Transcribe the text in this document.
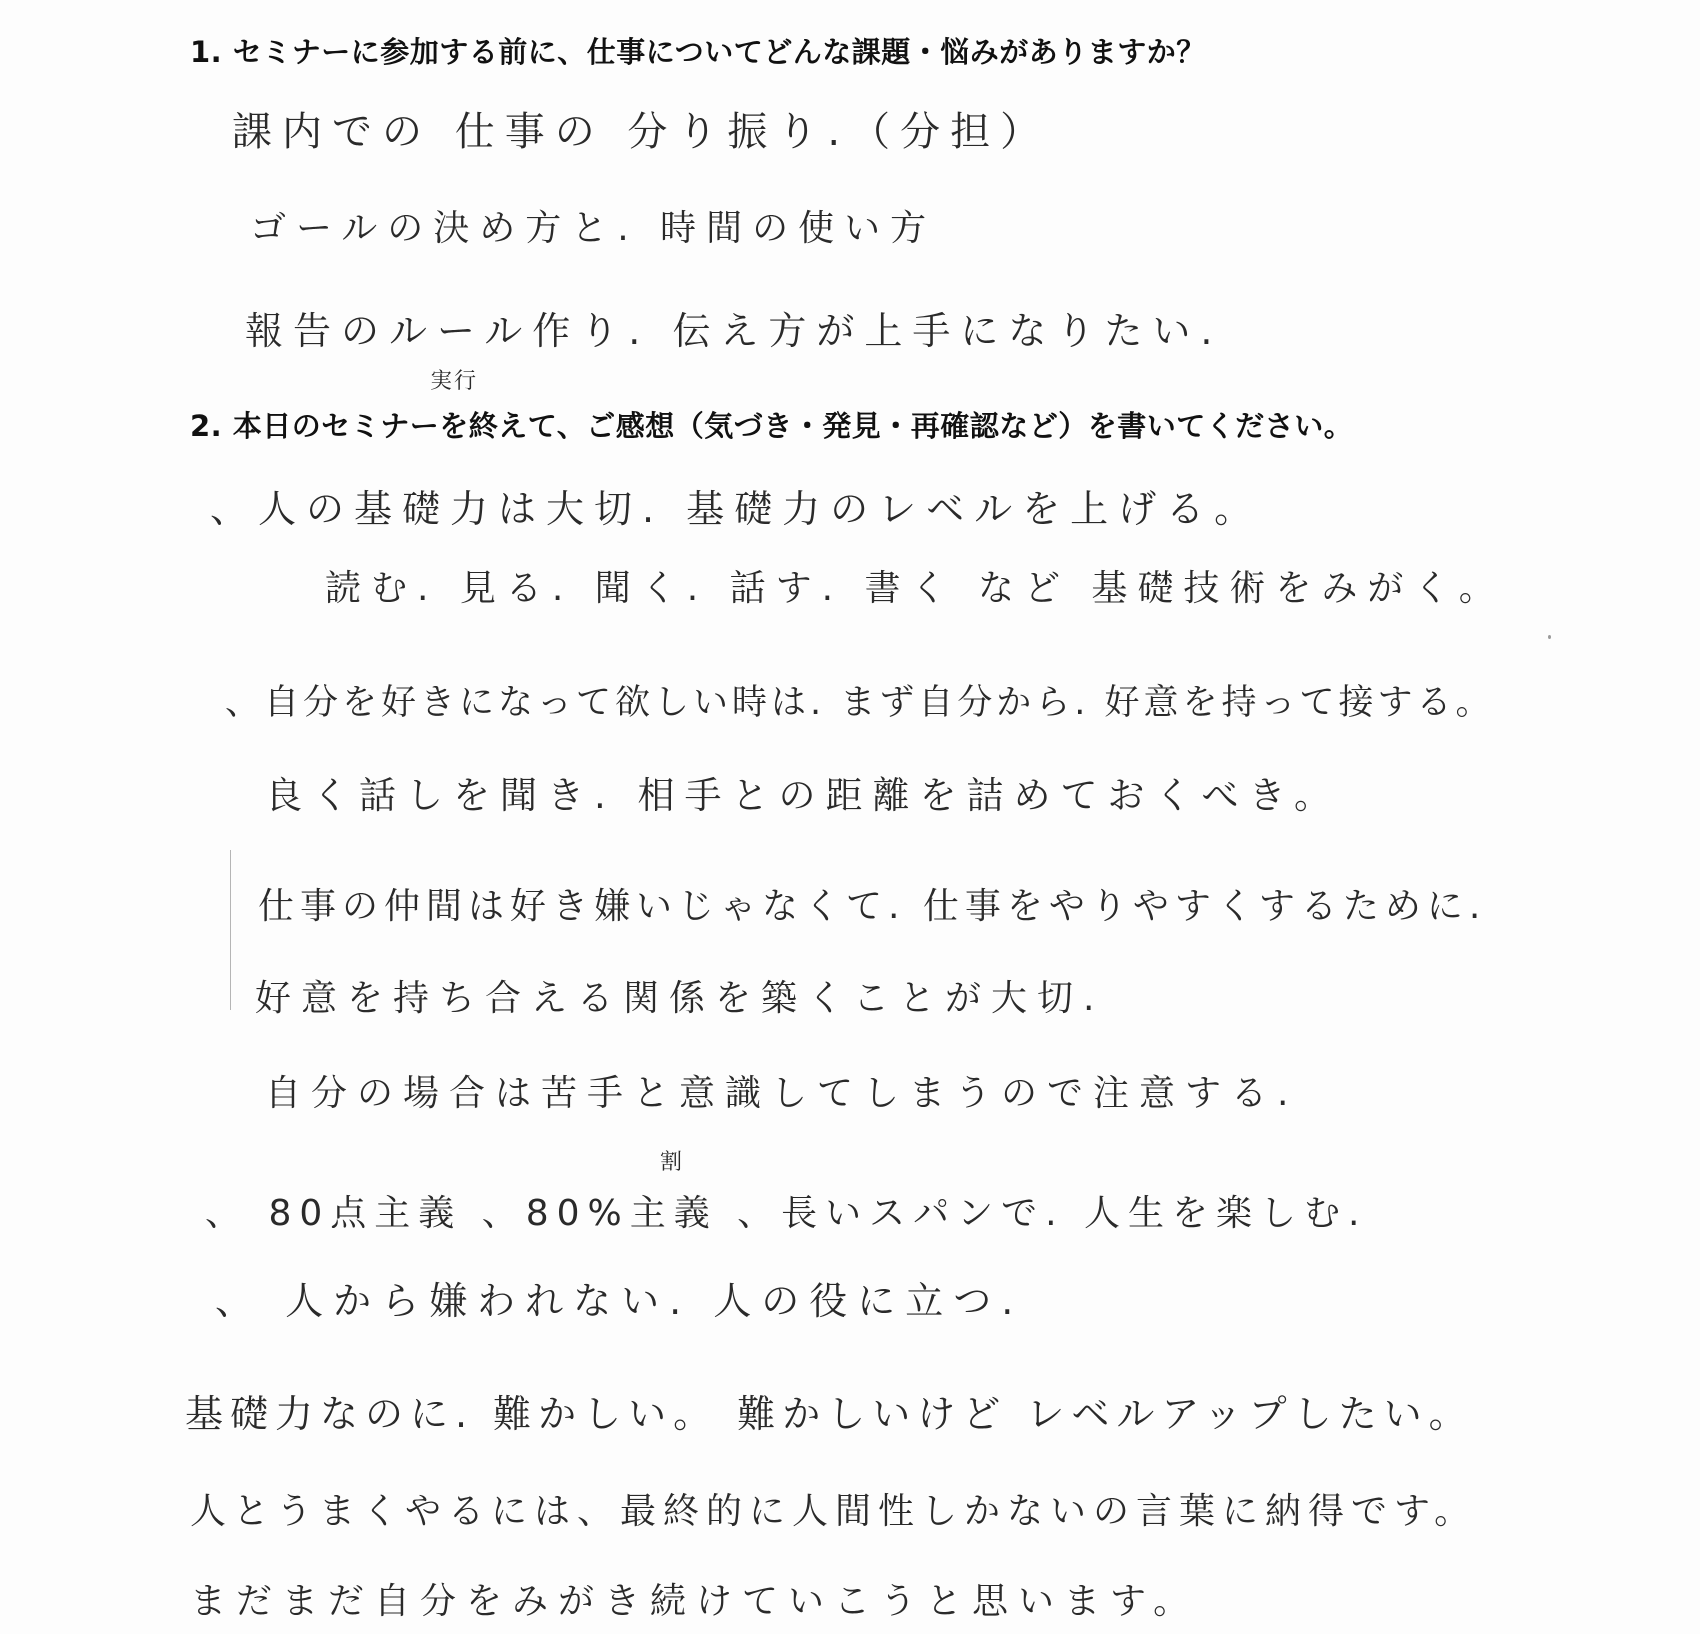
1. セミナーに参加する前に、仕事についてどんな課題・悩みがありますか？
課内での 仕事の 分り振り.（分担）
ゴールの決め方と. 時間の使い方
報告のルール作り. 伝え方が上手になりたい.
実行
2. 本日のセミナーを終えて、ご感想（気づき・発見・再確認など）を書いてください。
、人の基礎力は大切. 基礎力のレベルを上げる。
読む. 見る. 聞く. 話す. 書く など 基礎技術をみがく。
、自分を好きになって欲しい時は. まず自分から. 好意を持って接する。
良く話しを聞き. 相手との距離を詰めておくべき。
仕事の仲間は好き嫌いじゃなくて. 仕事をやりやすくするために.
好意を持ち合える関係を築くことが大切.
自分の場合は苦手と意識してしまうので注意する.
割
、 80点主義 、80%主義 、長いスパンで. 人生を楽しむ.
、 人から嫌われない. 人の役に立つ.
基礎力なのに. 難かしい。 難かしいけど レベルアップしたい。
人とうまくやるには、最終的に人間性しかないの言葉に納得です。
まだまだ自分をみがき続けていこうと思います。
